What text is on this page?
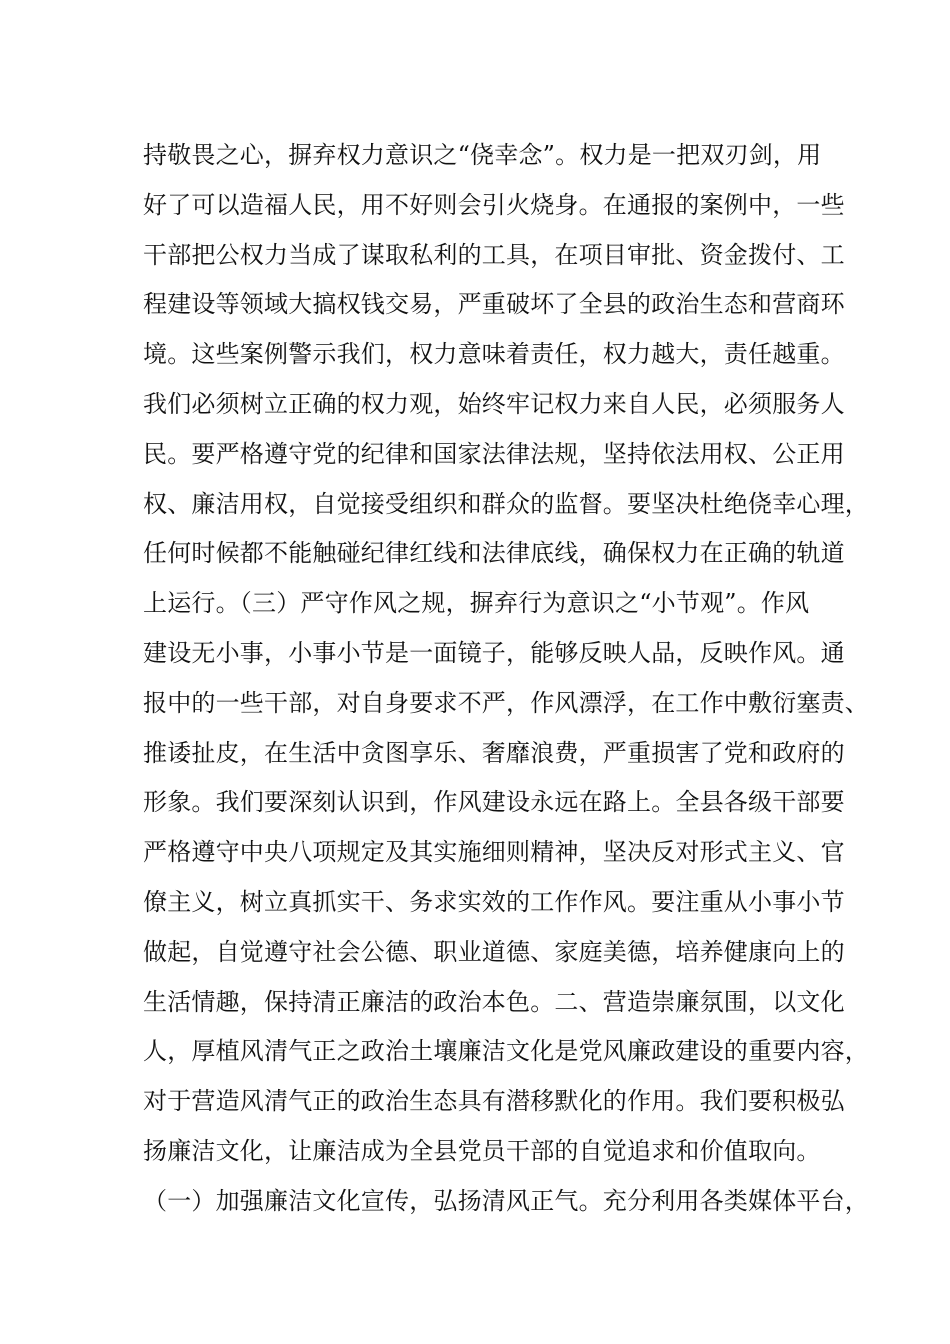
持敬畏之心，摒弃权力意识之“侥幸念”。权力是一把双刃剑，用
好了可以造福人民，用不好则会引火烧身。在通报的案例中，一些
干部把公权力当成了谋取私利的工具，在项目审批、资金拨付、工
程建设等领域大搞权钱交易，严重破坏了全县的政治生态和营商环
境。这些案例警示我们，权力意味着责任，权力越大，责任越重。
我们必须树立正确的权力观，始终牢记权力来自人民，必须服务人
民。要严格遵守党的纪律和国家法律法规，坚持依法用权、公正用
权、廉洁用权，自觉接受组织和群众的监督。要坚决杜绝侥幸心理，
任何时候都不能触碰纪律红线和法律底线，确保权力在正确的轨道
上运行。（三）严守作风之规，摒弃行为意识之“小节观”。作风
建设无小事，小事小节是一面镜子，能够反映人品，反映作风。通
报中的一些干部，对自身要求不严，作风漂浮，在工作中敷衍塞责、
推诿扯皮，在生活中贪图享乐、奢靡浪费，严重损害了党和政府的
形象。我们要深刻认识到，作风建设永远在路上。全县各级干部要
严格遵守中央八项规定及其实施细则精神，坚决反对形式主义、官
僚主义，树立真抓实干、务求实效的工作作风。要注重从小事小节
做起，自觉遵守社会公德、职业道德、家庭美德，培养健康向上的
生活情趣，保持清正廉洁的政治本色。二、营造崇廉氛围，以文化
人，厚植风清气正之政治土壤廉洁文化是党风廉政建设的重要内容，
对于营造风清气正的政治生态具有潜移默化的作用。我们要积极弘
扬廉洁文化，让廉洁成为全县党员干部的自觉追求和价值取向。
（一）加强廉洁文化宣传，弘扬清风正气。充分利用各类媒体平台，
